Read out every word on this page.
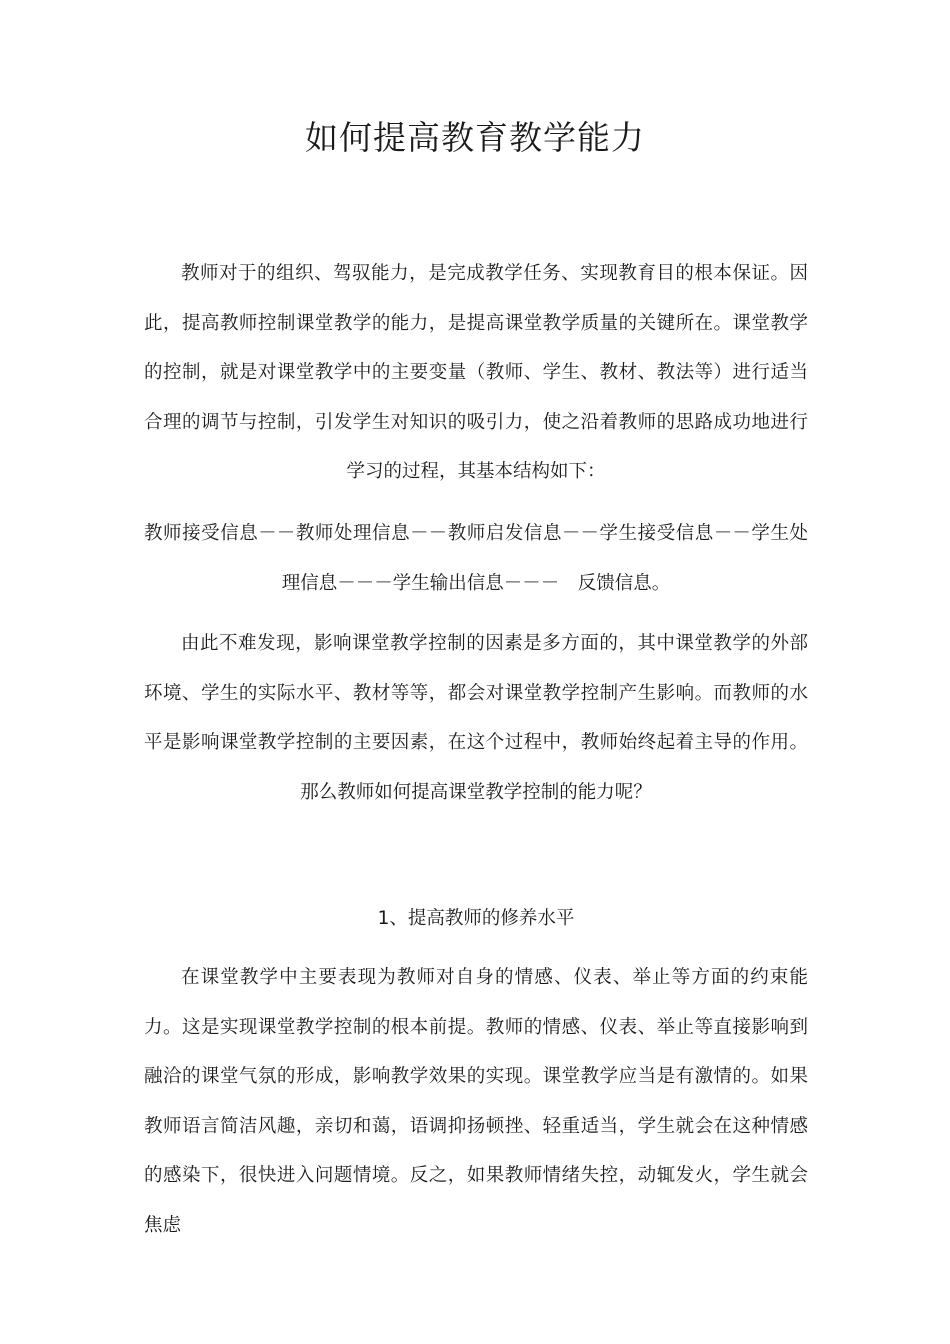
如何提高教育教学能力

教师对于的组织、驾驭能力，是完成教学任务、实现教育目的根本保证。因此，提高教师控制课堂教学的能力，是提高课堂教学质量的关键所在。课堂教学的控制，就是对课堂教学中的主要变量（教师、学生、教材、教法等）进行适当合理的调节与控制，引发学生对知识的吸引力，使之沿着教师的思路成功地进行学习的过程，其基本结构如下：

教师接受信息－－教师处理信息－－教师启发信息－－学生接受信息－－学生处理信息－－－学生输出信息－－－　反馈信息。

由此不难发现，影响课堂教学控制的因素是多方面的，其中课堂教学的外部环境、学生的实际水平、教材等等，都会对课堂教学控制产生影响。而教师的水平是影响课堂教学控制的主要因素，在这个过程中，教师始终起着主导的作用。那么教师如何提高课堂教学控制的能力呢？

1、提高教师的修养水平

在课堂教学中主要表现为教师对自身的情感、仪表、举止等方面的约束能力。这是实现课堂教学控制的根本前提。教师的情感、仪表、举止等直接影响到融洽的课堂气氛的形成，影响教学效果的实现。课堂教学应当是有激情的。如果教师语言简洁风趣，亲切和蔼，语调抑扬顿挫、轻重适当，学生就会在这种情感的感染下，很快进入问题情境。反之，如果教师情绪失控，动辄发火，学生就会焦虑
